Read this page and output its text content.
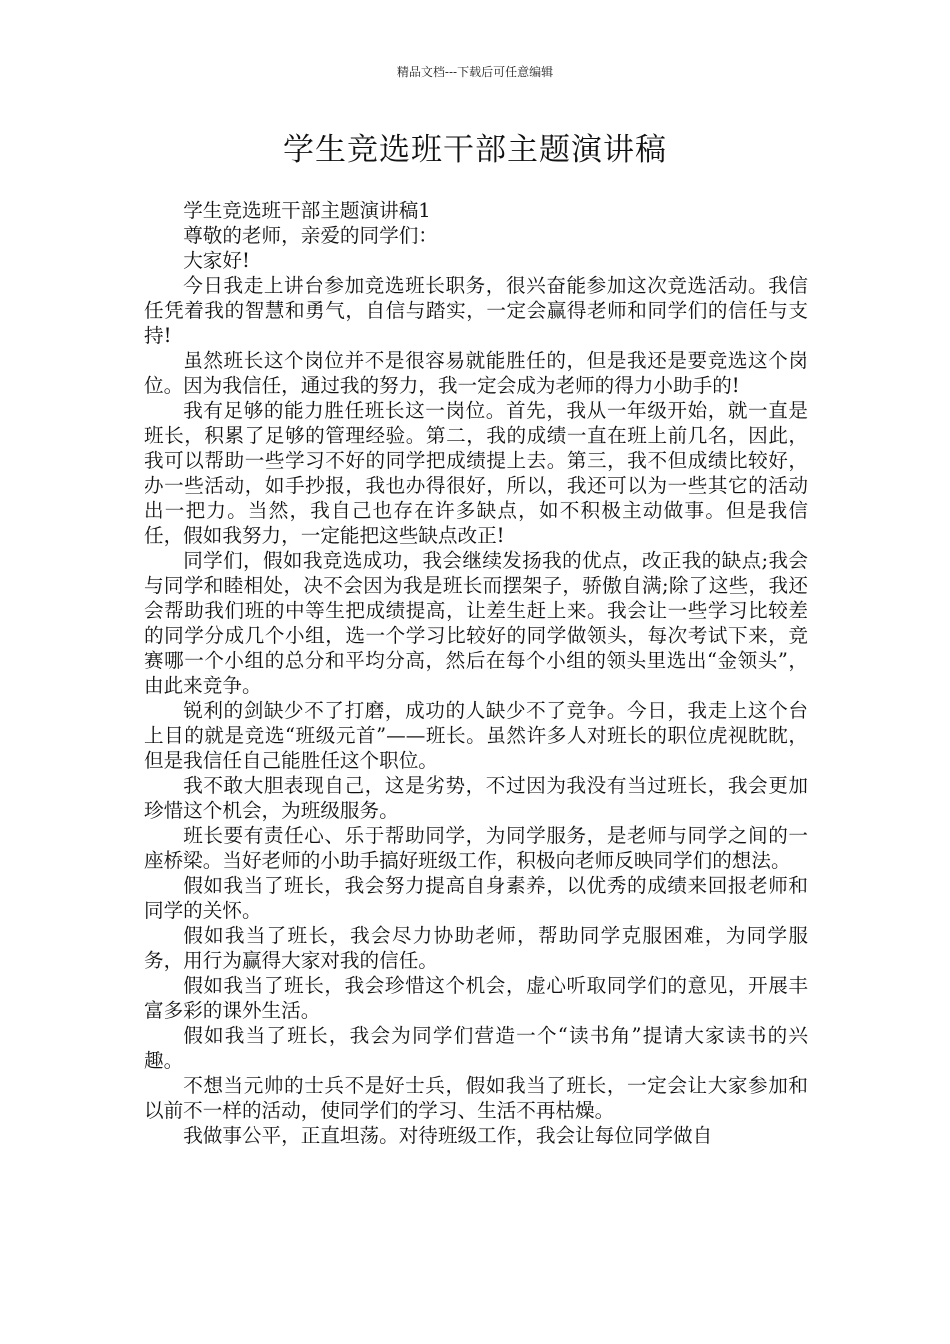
精品文档---下载后可任意编辑
学生竞选班干部主题演讲稿

学生竞选班干部主题演讲稿1

尊敬的老师，亲爱的同学们：

大家好!

今日我走上讲台参加竞选班长职务，很兴奋能参加这次竞选活动。我信任凭着我的智慧和勇气，自信与踏实，一定会赢得老师和同学们的信任与支持!

虽然班长这个岗位并不是很容易就能胜任的，但是我还是要竞选这个岗位。因为我信任，通过我的努力，我一定会成为老师的得力小助手的!

我有足够的能力胜任班长这一岗位。首先，我从一年级开始，就一直是班长，积累了足够的管理经验。第二，我的成绩一直在班上前几名，因此，我可以帮助一些学习不好的同学把成绩提上去。第三，我不但成绩比较好，办一些活动，如手抄报，我也办得很好，所以，我还可以为一些其它的活动出一把力。当然，我自己也存在许多缺点，如不积极主动做事。但是我信任，假如我努力，一定能把这些缺点改正!

同学们，假如我竞选成功，我会继续发扬我的优点，改正我的缺点;我会与同学和睦相处，决不会因为我是班长而摆架子，骄傲自满;除了这些，我还会帮助我们班的中等生把成绩提高，让差生赶上来。我会让一些学习比较差的同学分成几个小组，选一个学习比较好的同学做领头，每次考试下来，竞赛哪一个小组的总分和平均分高，然后在每个小组的领头里选出“金领头”，由此来竞争。

锐利的剑缺少不了打磨，成功的人缺少不了竞争。今日，我走上这个台上目的就是竞选“班级元首”——班长。虽然许多人对班长的职位虎视眈眈，但是我信任自己能胜任这个职位。

我不敢大胆表现自己，这是劣势，不过因为我没有当过班长，我会更加珍惜这个机会，为班级服务。

班长要有责任心、乐于帮助同学，为同学服务，是老师与同学之间的一座桥梁。当好老师的小助手搞好班级工作，积极向老师反映同学们的想法。

假如我当了班长，我会努力提高自身素养，以优秀的成绩来回报老师和同学的关怀。

假如我当了班长，我会尽力协助老师，帮助同学克服困难，为同学服务，用行为赢得大家对我的信任。

假如我当了班长，我会珍惜这个机会，虚心听取同学们的意见，开展丰富多彩的课外生活。

假如我当了班长，我会为同学们营造一个“读书角”提请大家读书的兴趣。

不想当元帅的士兵不是好士兵，假如我当了班长，一定会让大家参加和以前不一样的活动，使同学们的学习、生活不再枯燥。

我做事公平，正直坦荡。对待班级工作，我会让每位同学做自
